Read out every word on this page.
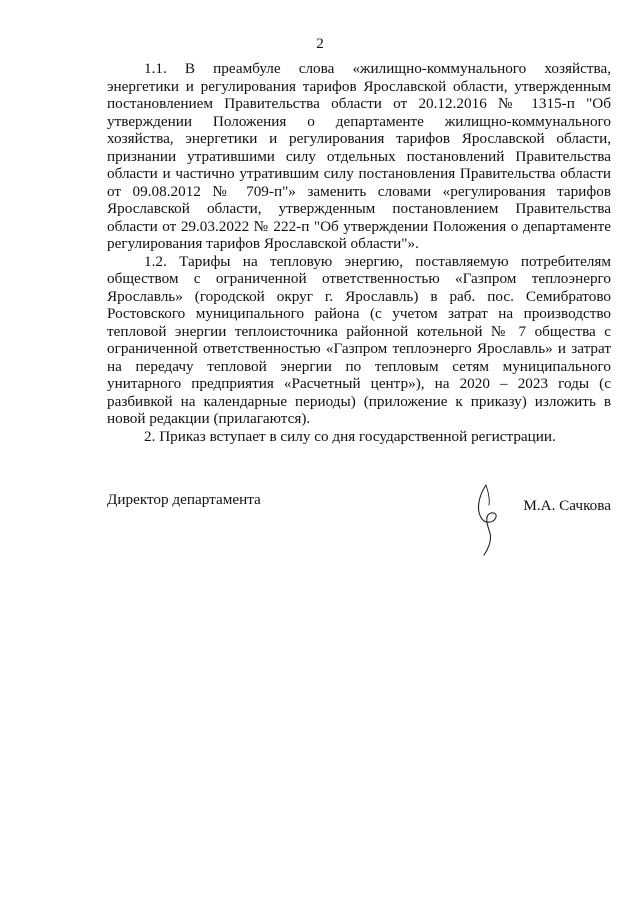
2

1.1. В преамбуле слова «жилищно-коммунального хозяйства, энергетики и регулирования тарифов Ярославской области, утвержденным постановлением Правительства области от 20.12.2016 № 1315-п "Об утверждении Положения о департаменте жилищно-коммунального хозяйства, энергетики и регулирования тарифов Ярославской области, признании утратившими силу отдельных постановлений Правительства области и частично утратившим силу постановления Правительства области от 09.08.2012 № 709-п"» заменить словами «регулирования тарифов Ярославской области, утвержденным постановлением Правительства области от 29.03.2022 № 222-п "Об утверждении Положения о департаменте регулирования тарифов Ярославской области"».

1.2. Тарифы на тепловую энергию, поставляемую потребителям обществом с ограниченной ответственностью «Газпром теплоэнерго Ярославль» (городской округ г. Ярославль) в раб. пос. Семибратово Ростовского муниципального района (с учетом затрат на производство тепловой энергии теплоисточника районной котельной № 7 общества с ограниченной ответственностью «Газпром теплоэнерго Ярославль» и затрат на передачу тепловой энергии по тепловым сетям муниципального унитарного предприятия «Расчетный центр»), на 2020 – 2023 годы (с разбивкой на календарные периоды) (приложение к приказу) изложить в новой редакции (прилагаются).

2. Приказ вступает в силу со дня государственной регистрации.

Директор департамента	М.А. Сачкова
